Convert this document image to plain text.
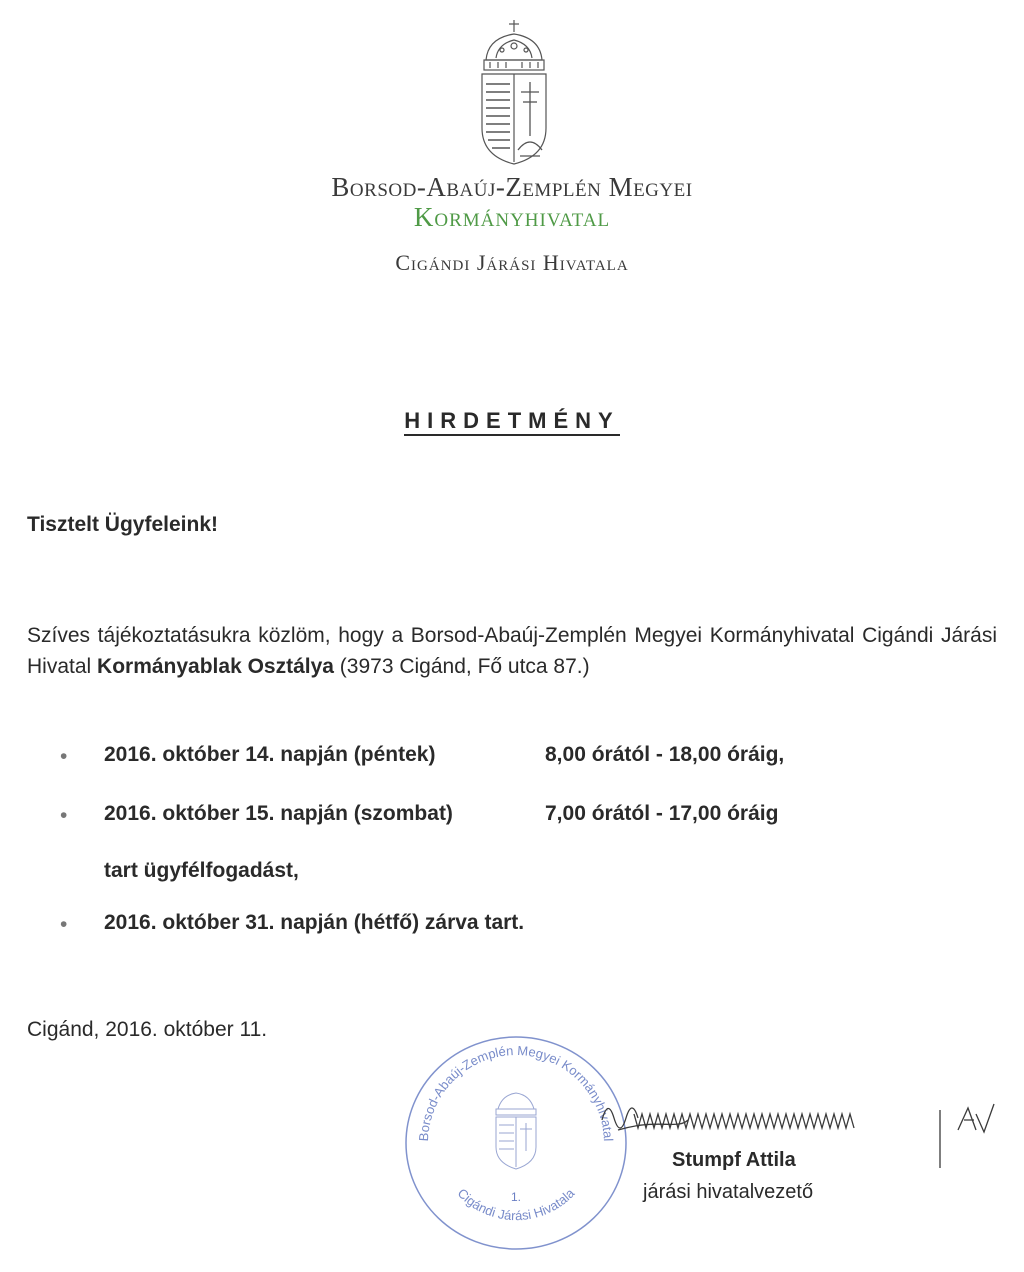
Borsod-Abaúj-Zemplén Megyei
Kormányhivatal
Cigándi Járási Hivatala
HIRDETMÉNY
Tisztelt Ügyfeleink!
Szíves tájékoztatásukra közlöm, hogy a Borsod-Abaúj-Zemplén Megyei Kormányhivatal Cigándi Járási Hivatal Kormányablak Osztálya (3973 Cigánd, Fő utca 87.)
• 2016. október 14. napján (péntek)	8,00 órától - 18,00 óráig,
• 2016. október 15. napján (szombat)	7,00 órától - 17,00 óráig
tart ügyfélfogadást,
• 2016. október 31. napján (hétfő) zárva tart.
Cigánd, 2016. október 11.
Borsod-Abaúj-Zemplén Megyei Kormányhivatal
Cigándi Járási Hivatala
1.
Stumpf Attila
járási hivatalvezető
